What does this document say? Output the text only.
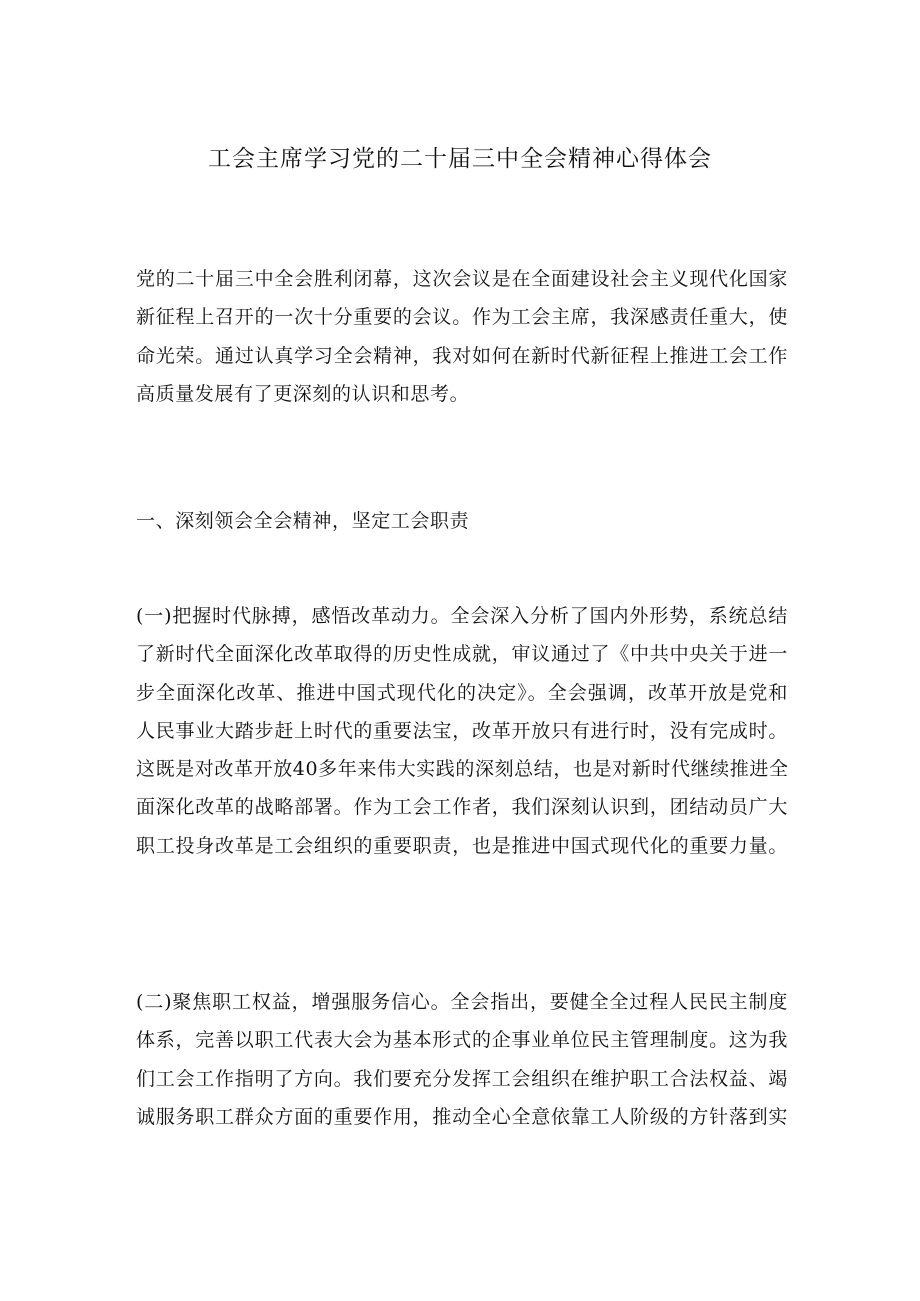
工会主席学习党的二十届三中全会精神心得体会
党的二十届三中全会胜利闭幕，这次会议是在全面建设社会主义现代化国家
新征程上召开的一次十分重要的会议。作为工会主席，我深感责任重大，使
命光荣。通过认真学习全会精神，我对如何在新时代新征程上推进工会工作
高质量发展有了更深刻的认识和思考。
一、深刻领会全会精神，坚定工会职责
(一)把握时代脉搏，感悟改革动力。全会深入分析了国内外形势，系统总结
了新时代全面深化改革取得的历史性成就，审议通过了《中共中央关于进一
步全面深化改革、推进中国式现代化的决定》。全会强调，改革开放是党和
人民事业大踏步赶上时代的重要法宝，改革开放只有进行时，没有完成时。
这既是对改革开放40多年来伟大实践的深刻总结，也是对新时代继续推进全
面深化改革的战略部署。作为工会工作者，我们深刻认识到，团结动员广大
职工投身改革是工会组织的重要职责，也是推进中国式现代化的重要力量。
(二)聚焦职工权益，增强服务信心。全会指出，要健全全过程人民民主制度
体系，完善以职工代表大会为基本形式的企事业单位民主管理制度。这为我
们工会工作指明了方向。我们要充分发挥工会组织在维护职工合法权益、竭
诚服务职工群众方面的重要作用，推动全心全意依靠工人阶级的方针落到实
